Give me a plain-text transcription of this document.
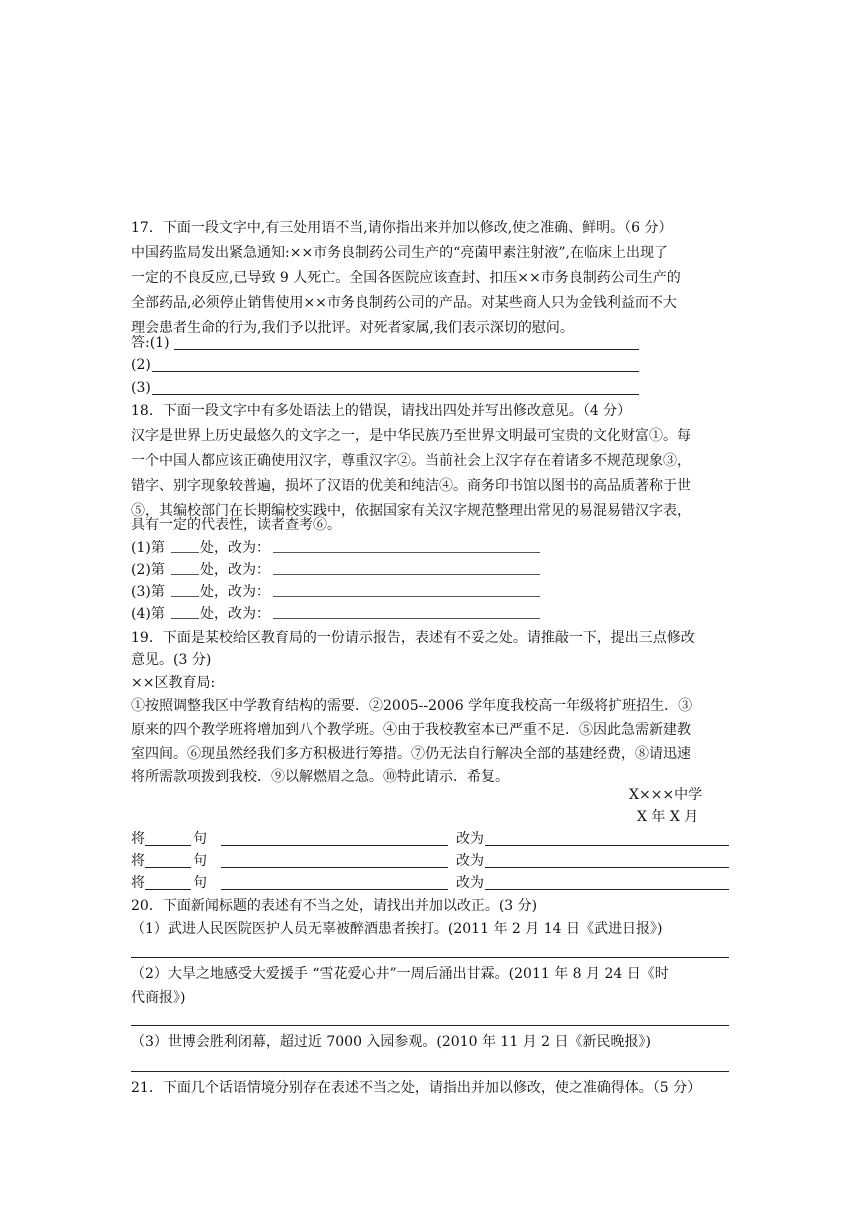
17．下面一段文字中,有三处用语不当,请你指出来并加以修改,使之准确、鲜明。（6 分）
中国药监局发出紧急通知:××市务良制药公司生产的“亮菌甲素注射液”,在临床上出现了
一定的不良反应,已导致 9 人死亡。全国各医院应该查封、扣压××市务良制药公司生产的
全部药品,必须停止销售使用××市务良制药公司的产品。对某些商人只为金钱利益而不大
理会患者生命的行为,我们予以批评。对死者家属,我们表示深切的慰问。
答:(1)
(2)
(3)
18．下面一段文字中有多处语法上的错误，请找出四处并写出修改意见。（4 分）
汉字是世界上历史最悠久的文字之一，是中华民族乃至世界文明最可宝贵的文化财富①。每
一个中国人都应该正确使用汉字，尊重汉字②。当前社会上汉字存在着诸多不规范现象③，
错字、别字现象较普遍，损坏了汉语的优美和纯洁④。商务印书馆以图书的高品质著称于世
⑤，其编校部门在长期编校实践中，依据国家有关汉字规范整理出常见的易混易错汉字表，
具有一定的代表性，读者查考⑥。
(1)第	处，改为：
(2)第	处，改为：
(3)第	处，改为：
(4)第	处，改为：
19．下面是某校给区教育局的一份请示报告，表述有不妥之处。请推敲一下，提出三点修改
意见。(3 分)
××区教育局:
①按照调整我区中学教育结构的需要．②2005--2006 学年度我校高一年级将扩班招生．③
原来的四个教学班将增加到八个教学班。④由于我校教室本已严重不足．⑤因此急需新建教
室四间。⑥现虽然经我们多方积极进行筹措。⑦仍无法自行解决全部的基建经费，⑧请迅速
将所需款项拨到我校．⑨以解燃眉之急。⑩特此请示．希复。
X×××中学
X 年 X 月
将	句	改为
将	句	改为
将	句	改为
20．下面新闻标题的表述有不当之处，请找出并加以改正。(3 分)
（1）武进人民医院医护人员无辜被醉酒患者挨打。(2011 年 2 月 14 日《武进日报》)
（2）大旱之地感受大爱援手 “雪花爱心井”一周后涌出甘霖。(2011 年 8 月 24 日《时
代商报》)
（3）世博会胜利闭幕，超过近 7000 入园参观。(2010 年 11 月 2 日《新民晚报》)
21．下面几个话语情境分别存在表述不当之处，请指出并加以修改，使之准确得体。（5 分）
